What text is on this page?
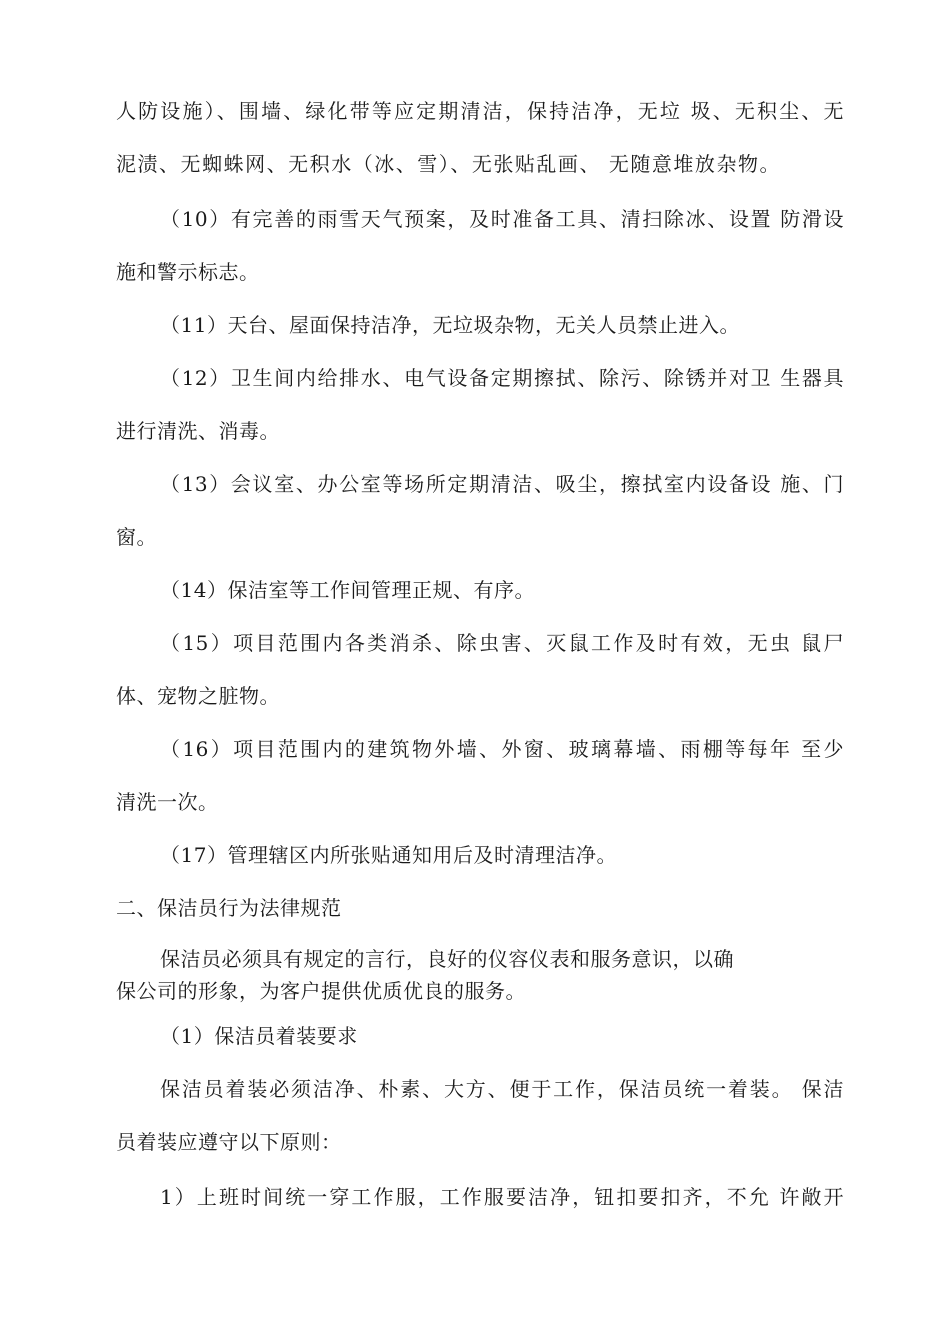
人防设施）、围墙、绿化带等应定期清洁，保持洁净，无垃 圾、无积尘、无
泥渍、无蜘蛛网、无积水（冰、雪）、无张贴乱画、 无随意堆放杂物。
（10）有完善的雨雪天气预案，及时准备工具、清扫除冰、设置 防滑设
施和警示标志。
（11）天台、屋面保持洁净，无垃圾杂物，无关人员禁止进入。
（12）卫生间内给排水、电气设备定期擦拭、除污、除锈并对卫 生器具
进行清洗、消毒。
（13）会议室、办公室等场所定期清洁、吸尘，擦拭室内设备设 施、门
窗。
（14）保洁室等工作间管理正规、有序。
（15）项目范围内各类消杀、除虫害、灭鼠工作及时有效，无虫 鼠尸
体、宠物之脏物。
（16）项目范围内的建筑物外墙、外窗、玻璃幕墙、雨棚等每年 至少
清洗一次。
（17）管理辖区内所张贴通知用后及时清理洁净。
二、保洁员行为法律规范
保洁员必须具有规定的言行，良好的仪容仪表和服务意识，以确
保公司的形象，为客户提供优质优良的服务。
（1）保洁员着装要求
保洁员着装必须洁净、朴素、大方、便于工作，保洁员统一着装。 保洁
员着装应遵守以下原则：
1）上班时间统一穿工作服，工作服要洁净，钮扣要扣齐，不允 许敞开
